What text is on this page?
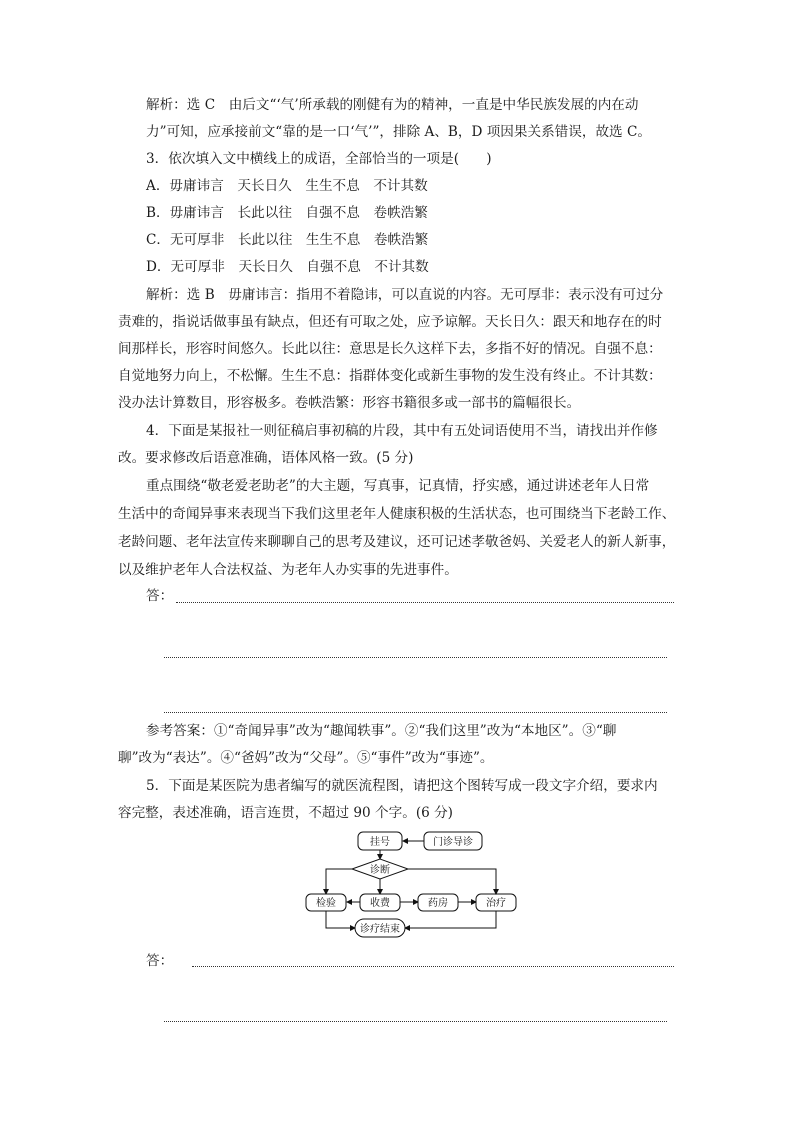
解析：选 C　由后文“‘气’所承载的刚健有为的精神，一直是中华民族发展的内在动
力”可知，应承接前文“靠的是一口‘气’”，排除 A、B，D 项因果关系错误，故选 C。
3．依次填入文中横线上的成语，全部恰当的一项是(　　)
A．毋庸讳言　天长日久　生生不息　不计其数
B．毋庸讳言　长此以往　自强不息　卷帙浩繁
C．无可厚非　长此以往　生生不息　卷帙浩繁
D．无可厚非　天长日久　自强不息　不计其数
解析：选 B　毋庸讳言：指用不着隐讳，可以直说的内容。无可厚非：表示没有可过分
责难的，指说话做事虽有缺点，但还有可取之处，应予谅解。天长日久：跟天和地存在的时
间那样长，形容时间悠久。长此以往：意思是长久这样下去，多指不好的情况。自强不息：
自觉地努力向上，不松懈。生生不息：指群体变化或新生事物的发生没有终止。不计其数：
没办法计算数目，形容极多。卷帙浩繁：形容书籍很多或一部书的篇幅很长。
4．下面是某报社一则征稿启事初稿的片段，其中有五处词语使用不当，请找出并作修
改。要求修改后语意准确，语体风格一致。(5 分)
重点围绕“敬老爱老助老”的大主题，写真事，记真情，抒实感，通过讲述老年人日常
生活中的奇闻异事来表现当下我们这里老年人健康积极的生活状态，也可围绕当下老龄工作、
老龄问题、老年法宣传来聊聊自己的思考及建议，还可记述孝敬爸妈、关爱老人的新人新事，
以及维护老年人合法权益、为老年人办实事的先进事件。
答：
参考答案：①“奇闻异事”改为“趣闻轶事”。②“我们这里”改为“本地区”。③“聊
聊”改为“表达”。④“爸妈”改为“父母”。⑤“事件”改为“事迹”。
5．下面是某医院为患者编写的就医流程图，请把这个图转写成一段文字介绍，要求内
容完整，表述准确，语言连贯，不超过 90 个字。(6 分)
挂号	门诊导诊
诊断
检验	收费	药房	治疗
诊疗结束
答：
